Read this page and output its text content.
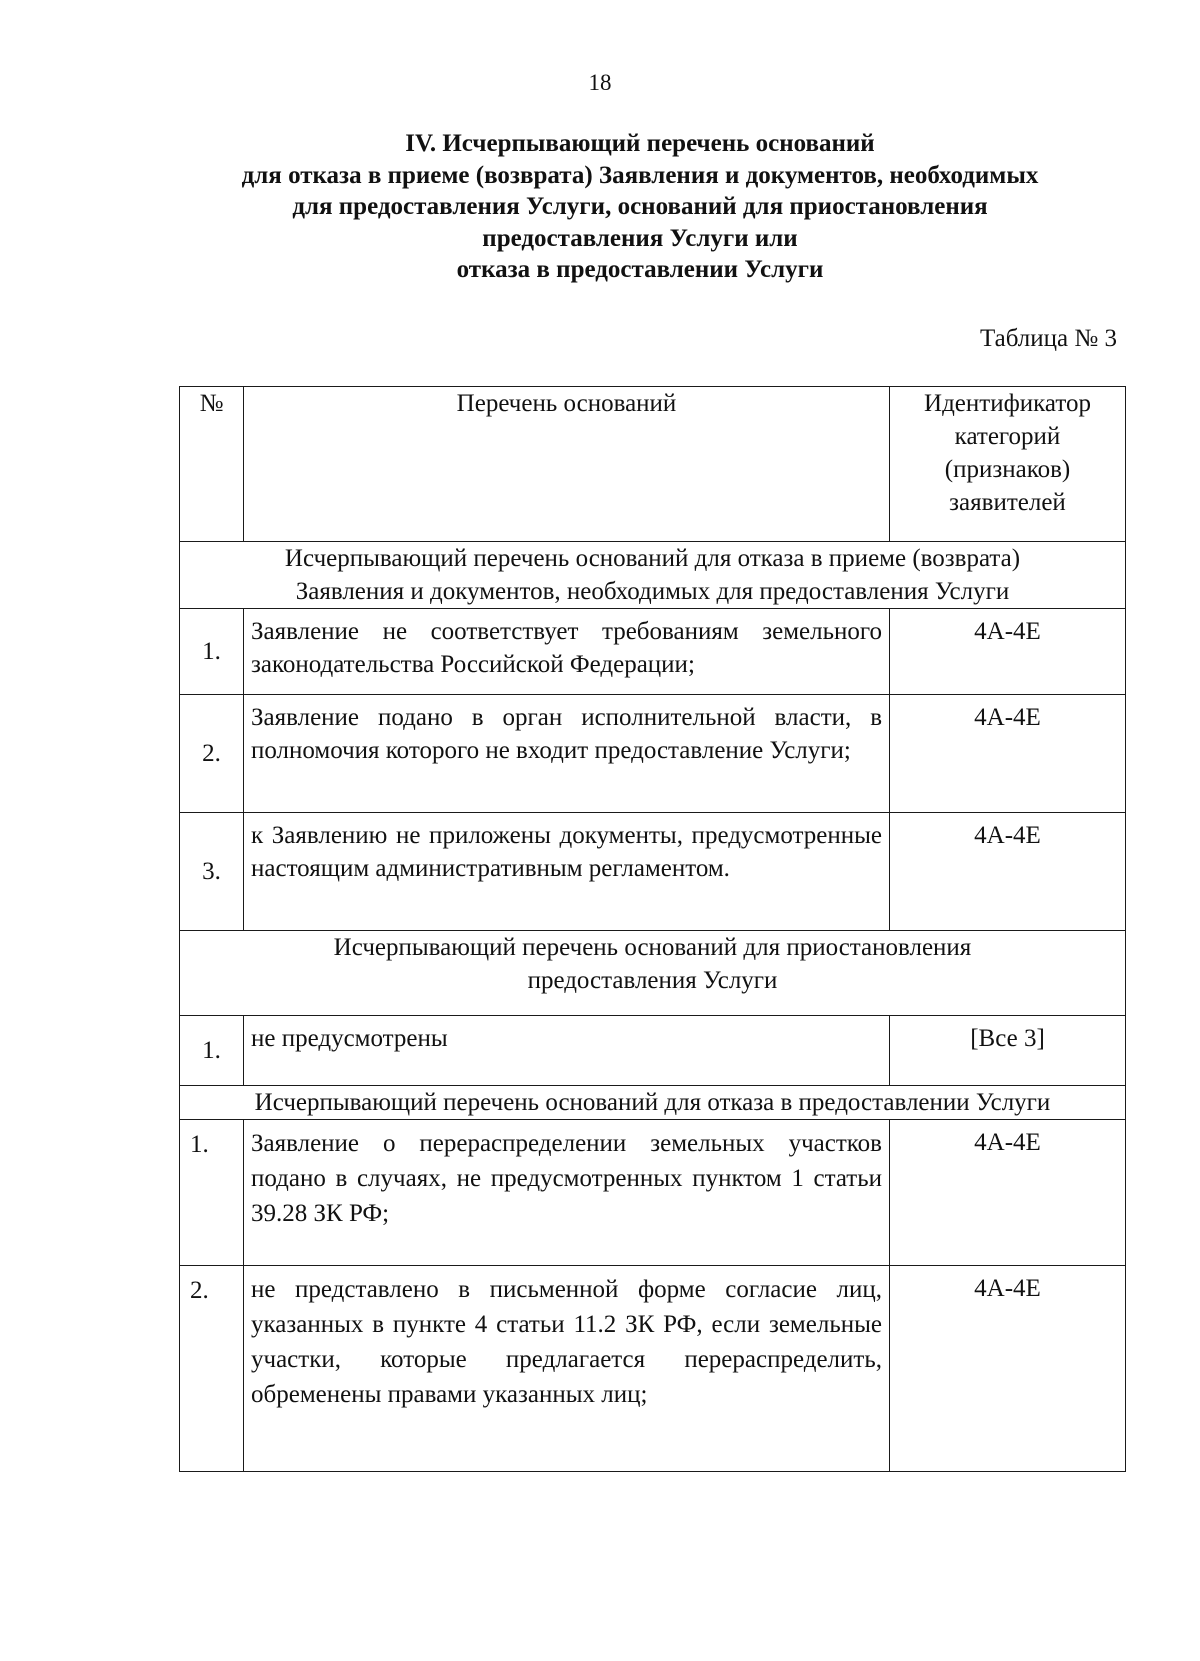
18
IV. Исчерпывающий перечень оснований
для отказа в приеме (возврата) Заявления и документов, необходимых
для предоставления Услуги, оснований для приостановления
предоставления Услуги или
отказа в предоставлении Услуги
Таблица № 3
№	Перечень оснований	Идентификатор
категорий
(признаков)
заявителей

Исчерпывающий перечень оснований для отказа в приеме (возврата)
Заявления и документов, необходимых для предоставления Услуги		

1.	Заявление не соответствует требованиям земельного законодательства Российской Федерации;	4А-4Е
2.	Заявление подано в орган исполнительной власти, в полномочия которого не входит предоставление Услуги;	4А-4Е
3.	к Заявлению не приложены документы, предусмотренные настоящим административным регламентом.	4А-4Е

Исчерпывающий перечень оснований для приостановления
предоставления Услуги		

1.	не предусмотрены	[Все 3]

Исчерпывающий перечень оснований для отказа в предоставлении Услуги		

1.	Заявление о перераспределении земельных участков подано в случаях, не предусмотренных пунктом 1 статьи 39.28 ЗК РФ;	4А-4Е
2.	не представлено в письменной форме согласие лиц, указанных в пункте 4 статьи 11.2 ЗК РФ, если земельные участки, которые предлагается перераспределить, обременены правами указанных лиц;	4А-4Е
